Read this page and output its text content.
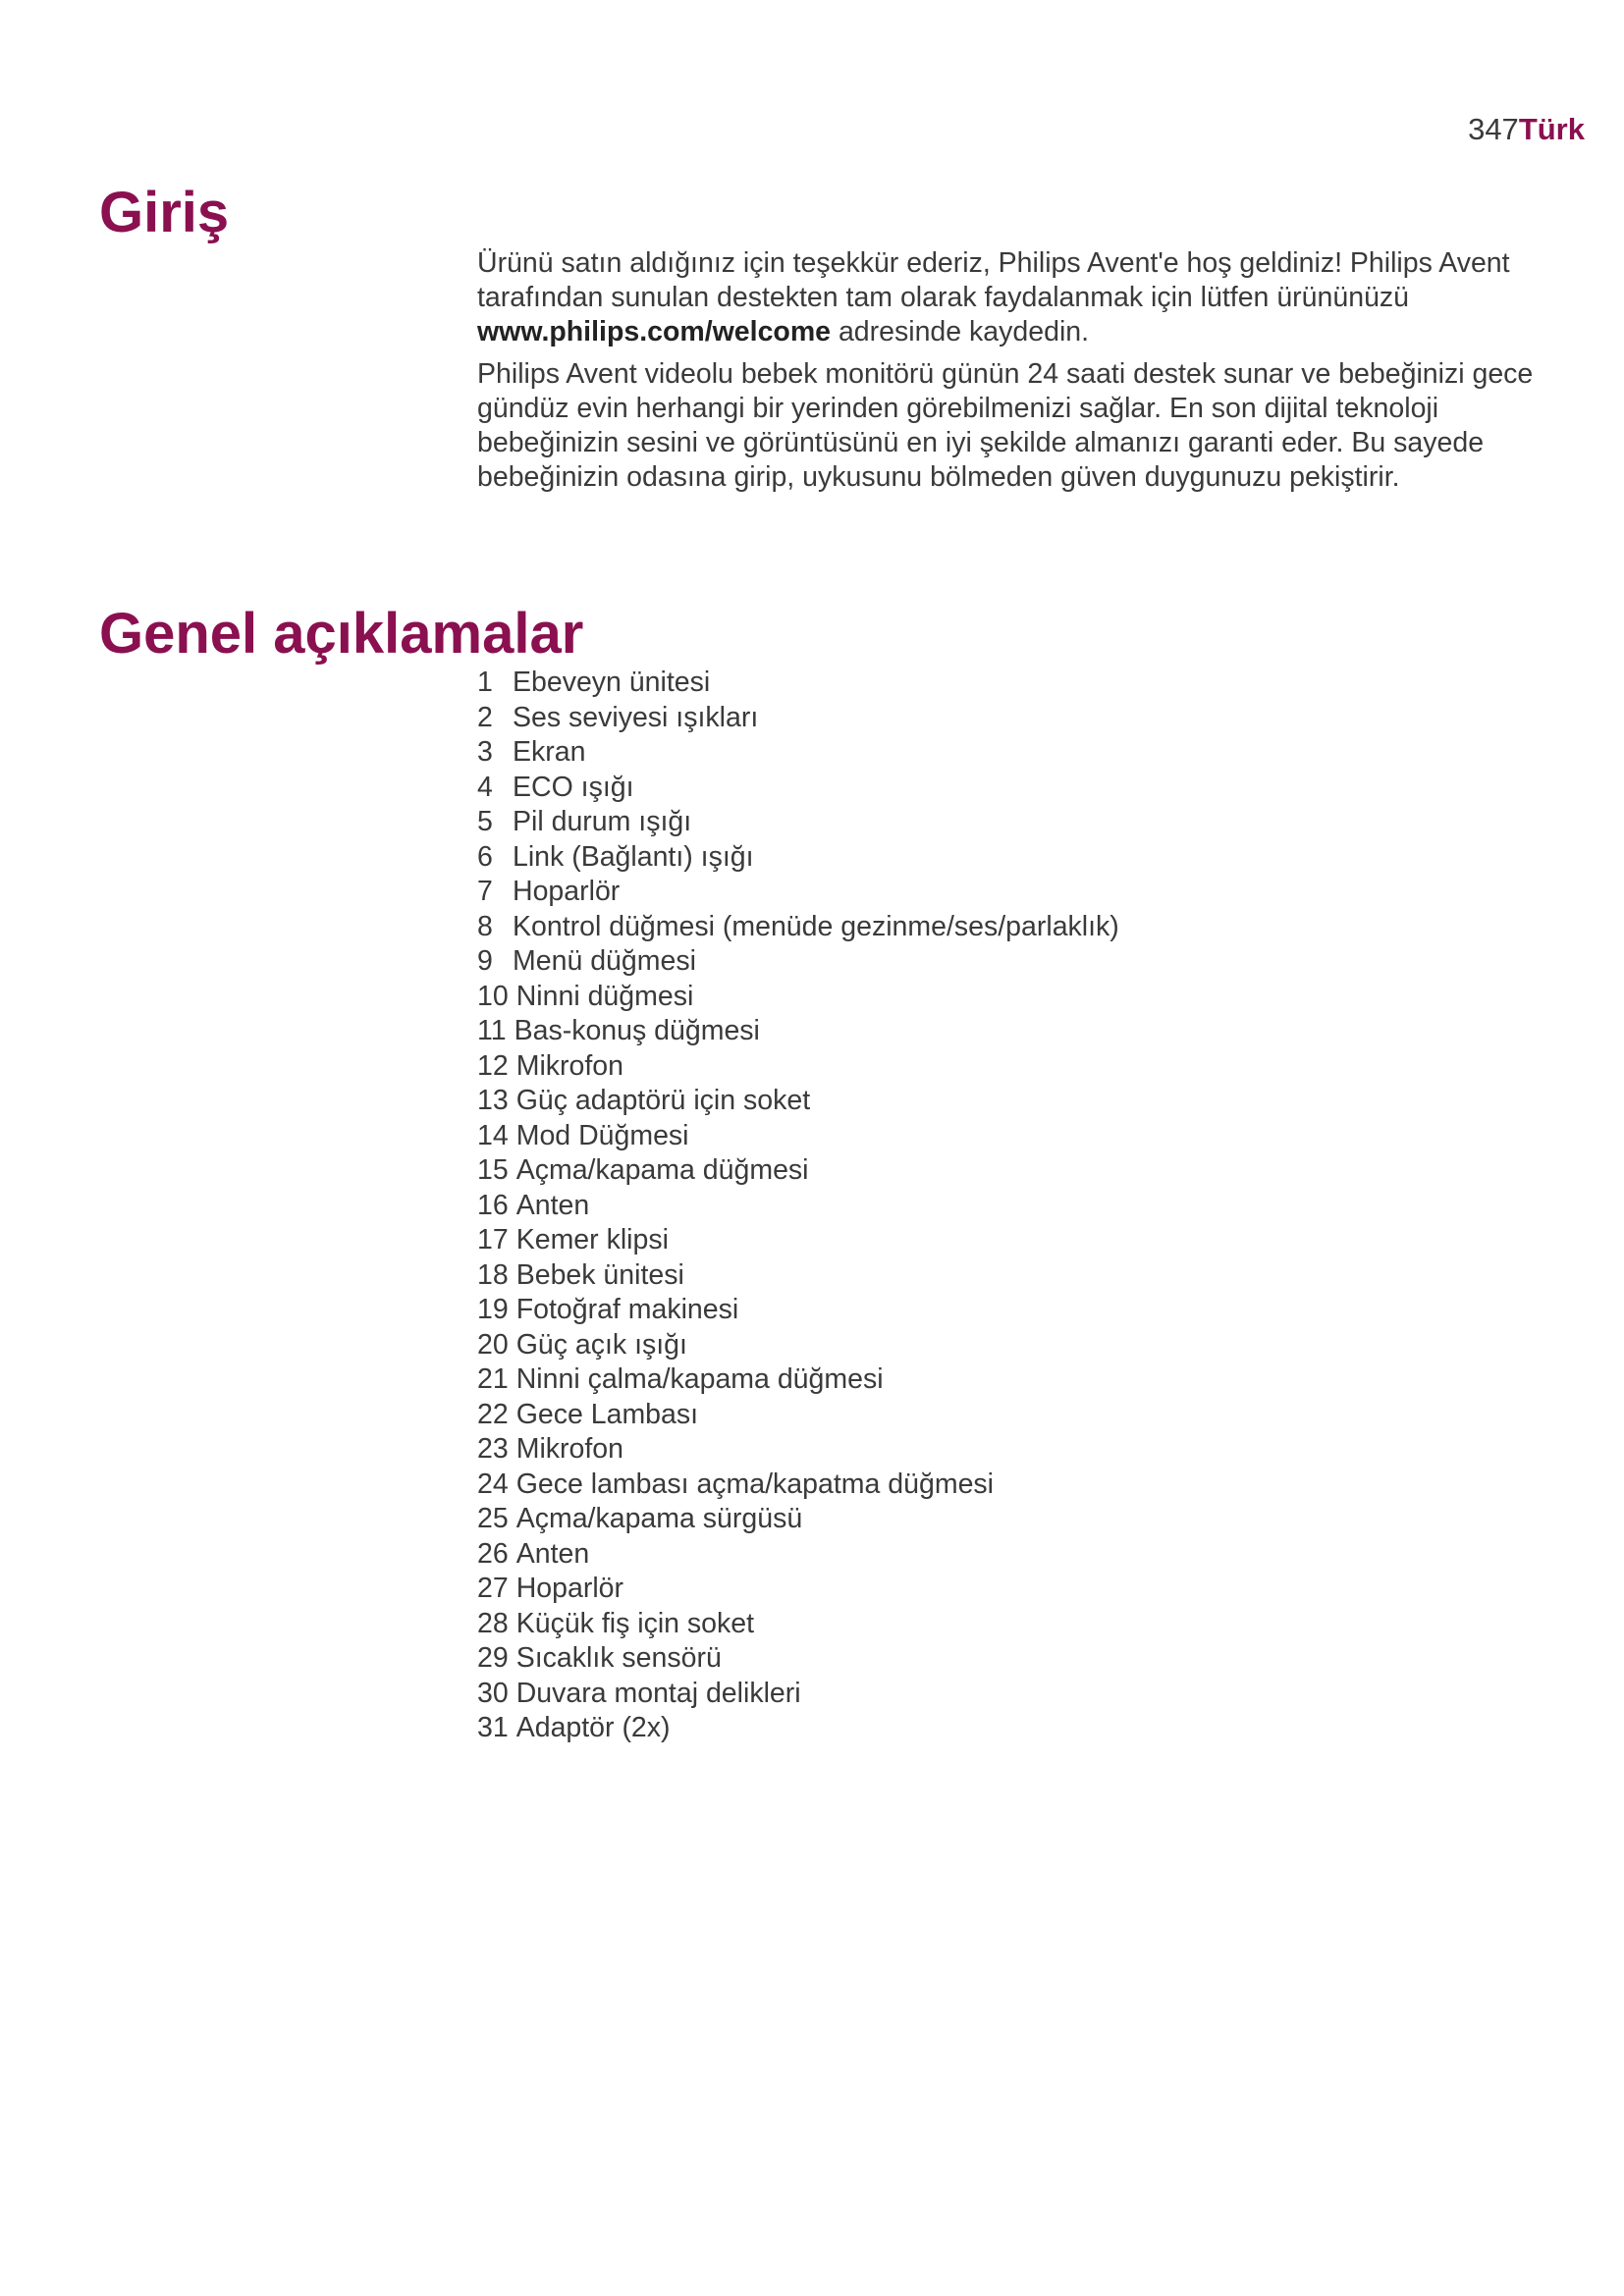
347Türk
Giriş

Ürünü satın aldığınız için teşekkür ederiz, Philips Avent'e hoş geldiniz! Philips Avent tarafından sunulan destekten tam olarak faydalanmak için lütfen ürününüzü www.philips.com/welcome adresinde kaydedin.

Philips Avent videolu bebek monitörü günün 24 saati destek sunar ve bebeğinizi gece gündüz evin herhangi bir yerinden görebilmenizi sağlar. En son dijital teknoloji bebeğinizin sesini ve görüntüsünü en iyi şekilde almanızı garanti eder. Bu sayede bebeğinizin odasına girip, uykusunu bölmeden güven duygunuzu pekiştirir.

Genel açıklamalar
1 Ebeveyn ünitesi
2 Ses seviyesi ışıkları
3 Ekran
4 ECO ışığı
5 Pil durum ışığı
6 Link (Bağlantı) ışığı
7 Hoparlör
8 Kontrol düğmesi (menüde gezinme/ses/parlaklık)
9 Menü düğmesi
10 Ninni düğmesi
11 Bas-konuş düğmesi
12 Mikrofon
13 Güç adaptörü için soket
14 Mod Düğmesi
15 Açma/kapama düğmesi
16 Anten
17 Kemer klipsi
18 Bebek ünitesi
19 Fotoğraf makinesi
20 Güç açık ışığı
21 Ninni çalma/kapama düğmesi
22 Gece Lambası
23 Mikrofon
24 Gece lambası açma/kapatma düğmesi
25 Açma/kapama sürgüsü
26 Anten
27 Hoparlör
28 Küçük fiş için soket
29 Sıcaklık sensörü
30 Duvara montaj delikleri
31 Adaptör (2x)
